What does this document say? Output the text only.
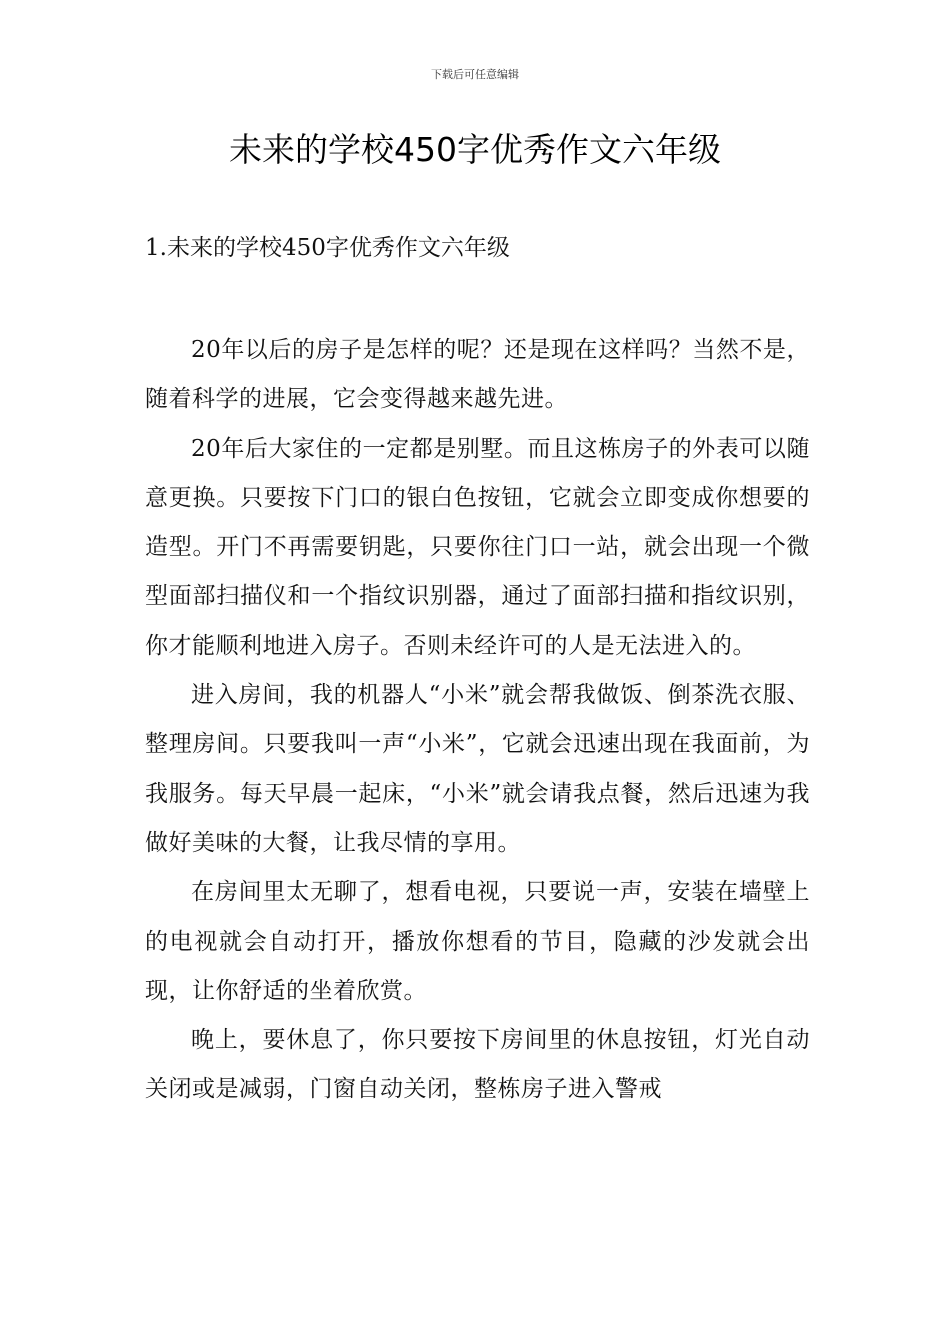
下载后可任意编辑
未来的学校450字优秀作文六年级
1.未来的学校450字优秀作文六年级

20年以后的房子是怎样的呢？还是现在这样吗？当然不是，随着科学的进展，它会变得越来越先进。

20年后大家住的一定都是别墅。而且这栋房子的外表可以随意更换。只要按下门口的银白色按钮，它就会立即变成你想要的造型。开门不再需要钥匙，只要你往门口一站，就会出现一个微型面部扫描仪和一个指纹识别器，通过了面部扫描和指纹识别，你才能顺利地进入房子。否则未经许可的人是无法进入的。

进入房间，我的机器人“小米”就会帮我做饭、倒茶洗衣服、整理房间。只要我叫一声“小米”，它就会迅速出现在我面前，为我服务。每天早晨一起床，“小米”就会请我点餐，然后迅速为我做好美味的大餐，让我尽情的享用。

在房间里太无聊了，想看电视，只要说一声，安装在墙壁上的电视就会自动打开，播放你想看的节目，隐藏的沙发就会出现，让你舒适的坐着欣赏。

晚上，要休息了，你只要按下房间里的休息按钮，灯光自动关闭或是减弱，门窗自动关闭，整栋房子进入警戒
